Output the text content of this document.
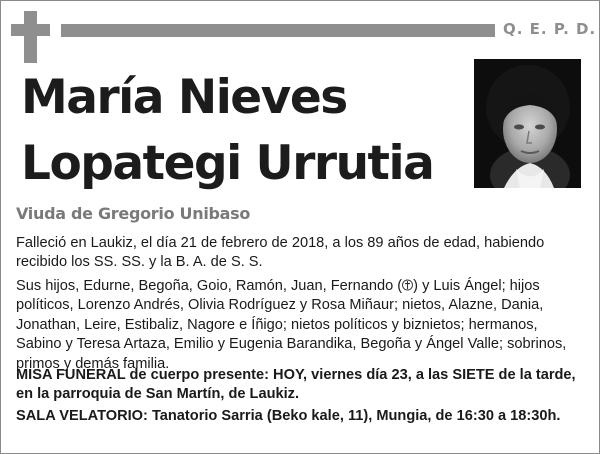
Q. E. P. D.
María Nieves
Lopategi Urrutia
Viuda de Gregorio Unibaso

Falleció en Laukiz, el día 21 de febrero de 2018, a los 89 años de edad, habiendo recibido los SS. SS. y la B. A. de S. S.

Sus hijos, Edurne, Begoña, Goio, Ramón, Juan, Fernando ( ) y Luis Ángel; hijos políticos, Lorenzo Andrés, Olivia Rodríguez y Rosa Miñaur; nietos, Alazne, Dania, Jonathan, Leire, Estibaliz, Nagore e Íñigo; nietos políticos y biznietos; hermanos, Sabino y Teresa Artaza, Emilio y Eugenia Barandika, Begoña y Ángel Valle; sobrinos, primos y demás familia.

MISA FUNERAL de cuerpo presente: HOY, viernes día 23, a las SIETE de la tarde, en la parroquia de San Martín, de Laukiz.

SALA VELATORIO: Tanatorio Sarria (Beko kale, 11), Mungia, de 16:30 a 18:30h.
